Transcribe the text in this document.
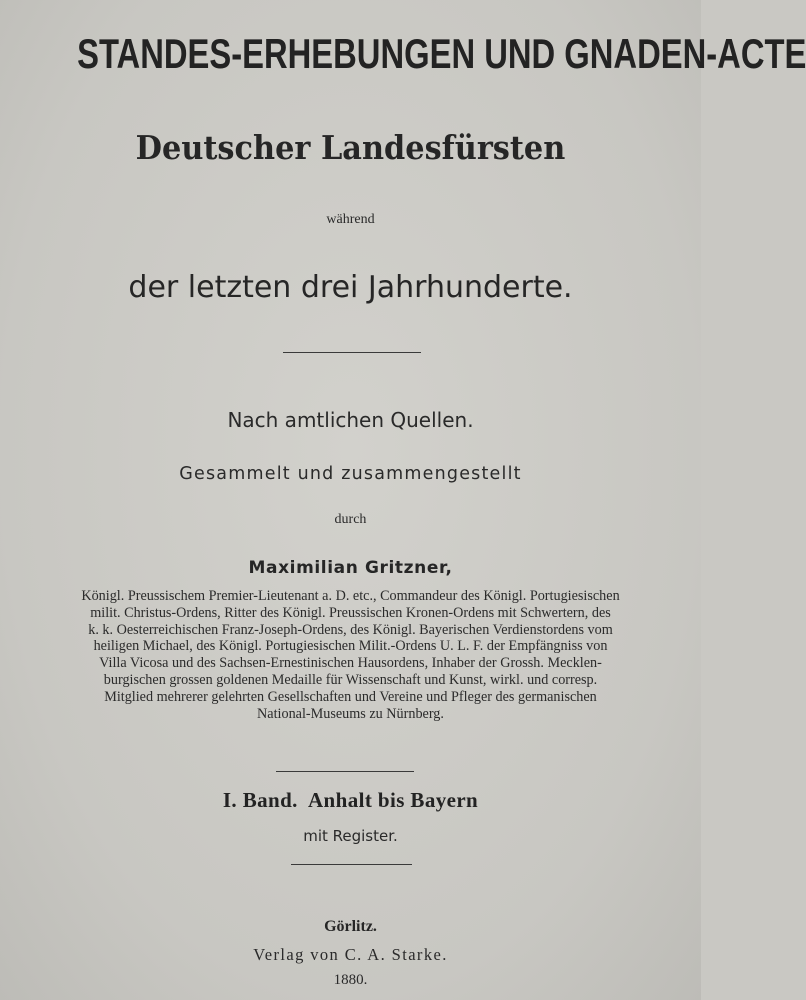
STANDES-ERHEBUNGEN UND GNADEN-ACTE
Deutscher Landesfürsten
während
der letzten drei Jahrhunderte.
Nach amtlichen Quellen.
Gesammelt und zusammengestellt
durch
Maximilian Gritzner,
Königl. Preussischem Premier-Lieutenant a. D. etc., Commandeur des Königl. Portugiesischen
milit. Christus-Ordens, Ritter des Königl. Preussischen Kronen-Ordens mit Schwertern, des
k. k. Oesterreichischen Franz-Joseph-Ordens, des Königl. Bayerischen Verdienstordens vom
heiligen Michael, des Königl. Portugiesischen Milit.-Ordens U. L. F. der Empfängniss von
Villa Vicosa und des Sachsen-Ernestinischen Hausordens, Inhaber der Grossh. Mecklen-
burgischen grossen goldenen Medaille für Wissenschaft und Kunst, wirkl. und corresp.
Mitglied mehrerer gelehrten Gesellschaften und Vereine und Pfleger des germanischen
National-Museums zu Nürnberg.
I. Band.  Anhalt bis Bayern
mit Register.
Görlitz.
Verlag von C. A. Starke.
1880.
